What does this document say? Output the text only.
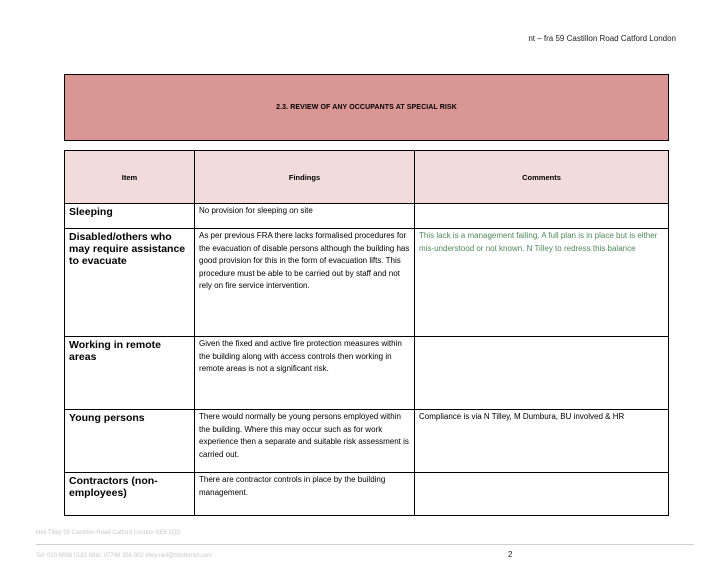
nt – fra 59 Castillon Road Catford London
2.3. REVIEW OF ANY OCCUPANTS AT SPECIAL RISK		

Item	Findings	Comments
Sleeping	No provision for sleeping on site	
Disabled/others who may require assistance to evacuate	As per previous FRA there lacks formalised procedures for the evacuation of disable persons although the building has good provision for this in the form of evacuation lifts. This procedure must be able to be carried out by staff and not rely on fire service intervention.	This lack is a management failing. A full plan is in place but is either mis-understood or not known. N Tilley to redress this balance
Working in remote areas	Given the fixed and active fire protection measures within the building along with access controls then working in remote areas is not a significant risk.	
Young persons	There would normally be young persons employed within the building. Where this may occur such as for work experience then a separate and suitable risk assessment is carried out.	Compliance is via N Tilley, M Dumbura, BU involved & HR
Contractors (non-employees)	There are contractor controls in place by the building management.	
Neil Tilley 59 Castillon Road Catford London SE6 1QD
Tel: 020 8698 0181 Mob: 07748 356 902 tilley.neil@btinternet.com	2
